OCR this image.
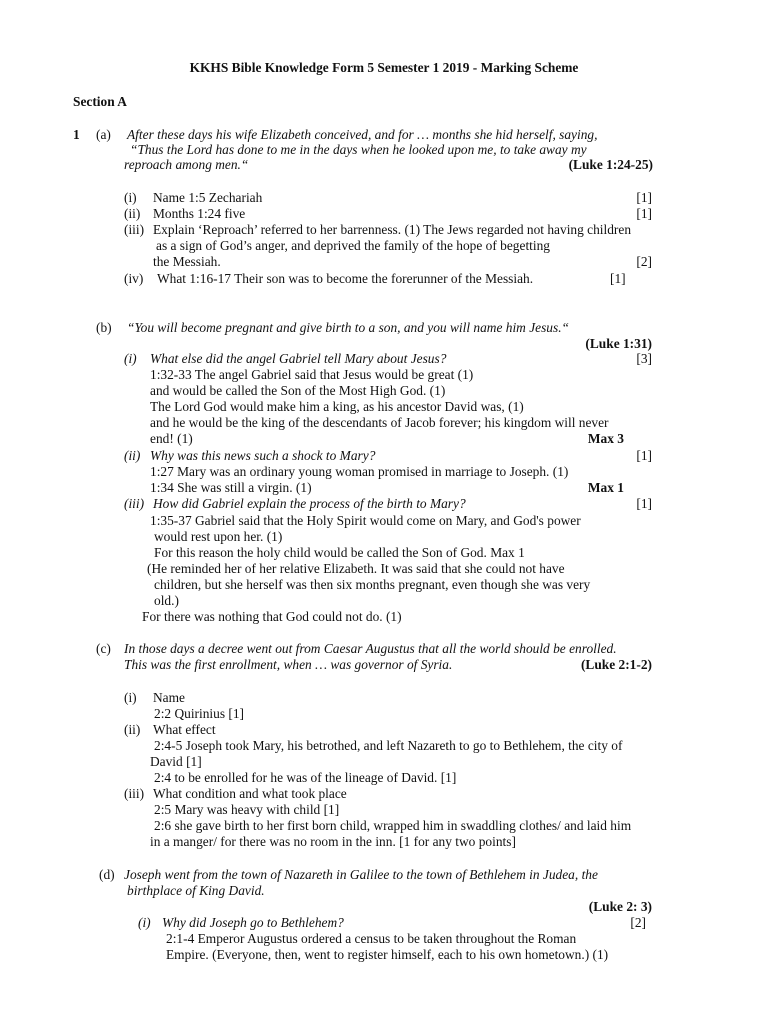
KKHS Bible Knowledge Form 5 Semester 1 2019 - Marking Scheme
Section A
1 (a) After these days his wife Elizabeth conceived, and for … months she hid herself, saying,
“Thus the Lord has done to me in the days when he looked upon me, to take away my
reproach among men.“	(Luke 1:24-25)
(i) Name 1:5 Zechariah	[1]
(ii) Months 1:24 five	[1]
(iii) Explain ‘Reproach’ referred to her barrenness. (1) The Jews regarded not having children
as a sign of God’s anger, and deprived the family of the hope of begetting
the Messiah.	[2]
(iv) What 1:16-17 Their son was to become the forerunner of the Messiah.	[1]
(b) “You will become pregnant and give birth to a son, and you will name him Jesus.“
(Luke 1:31)
(i) What else did the angel Gabriel tell Mary about Jesus?	[3]
1:32-33 The angel Gabriel said that Jesus would be great (1)
and would be called the Son of the Most High God. (1)
The Lord God would make him a king, as his ancestor David was, (1)
and he would be the king of the descendants of Jacob forever; his kingdom will never
end! (1)	Max 3
(ii) Why was this news such a shock to Mary?	[1]
1:27 Mary was an ordinary young woman promised in marriage to Joseph. (1)
1:34 She was still a virgin. (1)	Max 1
(iii) How did Gabriel explain the process of the birth to Mary?	[1]
1:35-37 Gabriel said that the Holy Spirit would come on Mary, and God's power
would rest upon her. (1)
For this reason the holy child would be called the Son of God. Max 1
(He reminded her of her relative Elizabeth. It was said that she could not have
children, but she herself was then six months pregnant, even though she was very
old.)
For there was nothing that God could not do. (1)
(c) In those days a decree went out from Caesar Augustus that all the world should be enrolled.
This was the first enrollment, when … was governor of Syria.	(Luke 2:1-2)
(i) Name
2:2 Quirinius [1]
(ii) What effect
2:4-5 Joseph took Mary, his betrothed, and left Nazareth to go to Bethlehem, the city of
David [1]
2:4 to be enrolled for he was of the lineage of David. [1]
(iii) What condition and what took place
2:5 Mary was heavy with child [1]
2:6 she gave birth to her first born child, wrapped him in swaddling clothes/ and laid him
in a manger/ for there was no room in the inn. [1 for any two points]
(d) Joseph went from the town of Nazareth in Galilee to the town of Bethlehem in Judea, the
birthplace of King David.
(Luke 2: 3)
(i) Why did Joseph go to Bethlehem?	[2]
2:1-4 Emperor Augustus ordered a census to be taken throughout the Roman
Empire. (Everyone, then, went to register himself, each to his own hometown.) (1)
